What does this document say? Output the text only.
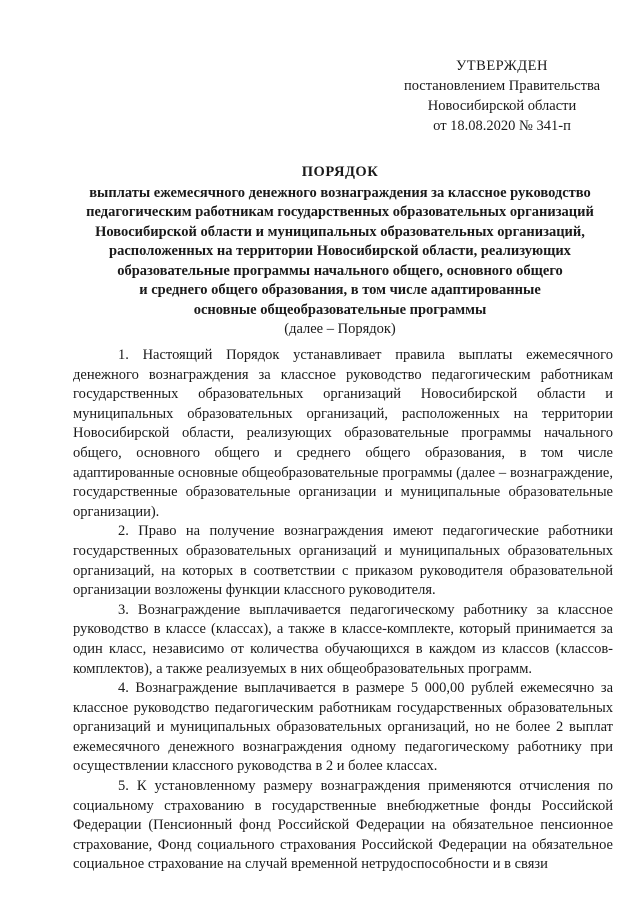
УТВЕРЖДЕН
постановлением Правительства
Новосибирской области
от 18.08.2020 № 341-п
ПОРЯДОК
выплаты ежемесячного денежного вознаграждения за классное руководство
педагогическим работникам государственных образовательных организаций
Новосибирской области и муниципальных образовательных организаций,
расположенных на территории Новосибирской области, реализующих
образовательные программы начального общего, основного общего
и среднего общего образования, в том числе адаптированные
основные общеобразовательные программы
(далее – Порядок)

1. Настоящий Порядок устанавливает правила выплаты ежемесячного денежного вознаграждения за классное руководство педагогическим работникам государственных образовательных организаций Новосибирской области и муниципальных образовательных организаций, расположенных на территории Новосибирской области, реализующих образовательные программы начального общего, основного общего и среднего общего образования, в том числе адаптированные основные общеобразовательные программы (далее – вознаграждение, государственные образовательные организации и муниципальные образовательные организации).

2. Право на получение вознаграждения имеют педагогические работники государственных образовательных организаций и муниципальных образовательных организаций, на которых в соответствии с приказом руководителя образовательной организации возложены функции классного руководителя.

3. Вознаграждение выплачивается педагогическому работнику за классное руководство в классе (классах), а также в классе-комплекте, который принимается за один класс, независимо от количества обучающихся в каждом из классов (классов-комплектов), а также реализуемых в них общеобразовательных программ.

4. Вознаграждение выплачивается в размере 5 000,00 рублей ежемесячно за классное руководство педагогическим работникам государственных образовательных организаций и муниципальных образовательных организаций, но не более 2 выплат ежемесячного денежного вознаграждения одному педагогическому работнику при осуществлении классного руководства в 2 и более классах.

5. К установленному размеру вознаграждения применяются отчисления по социальному страхованию в государственные внебюджетные фонды Российской Федерации (Пенсионный фонд Российской Федерации на обязательное пенсионное страхование, Фонд социального страхования Российской Федерации на обязательное социальное страхование на случай временной нетрудоспособности и в связи
